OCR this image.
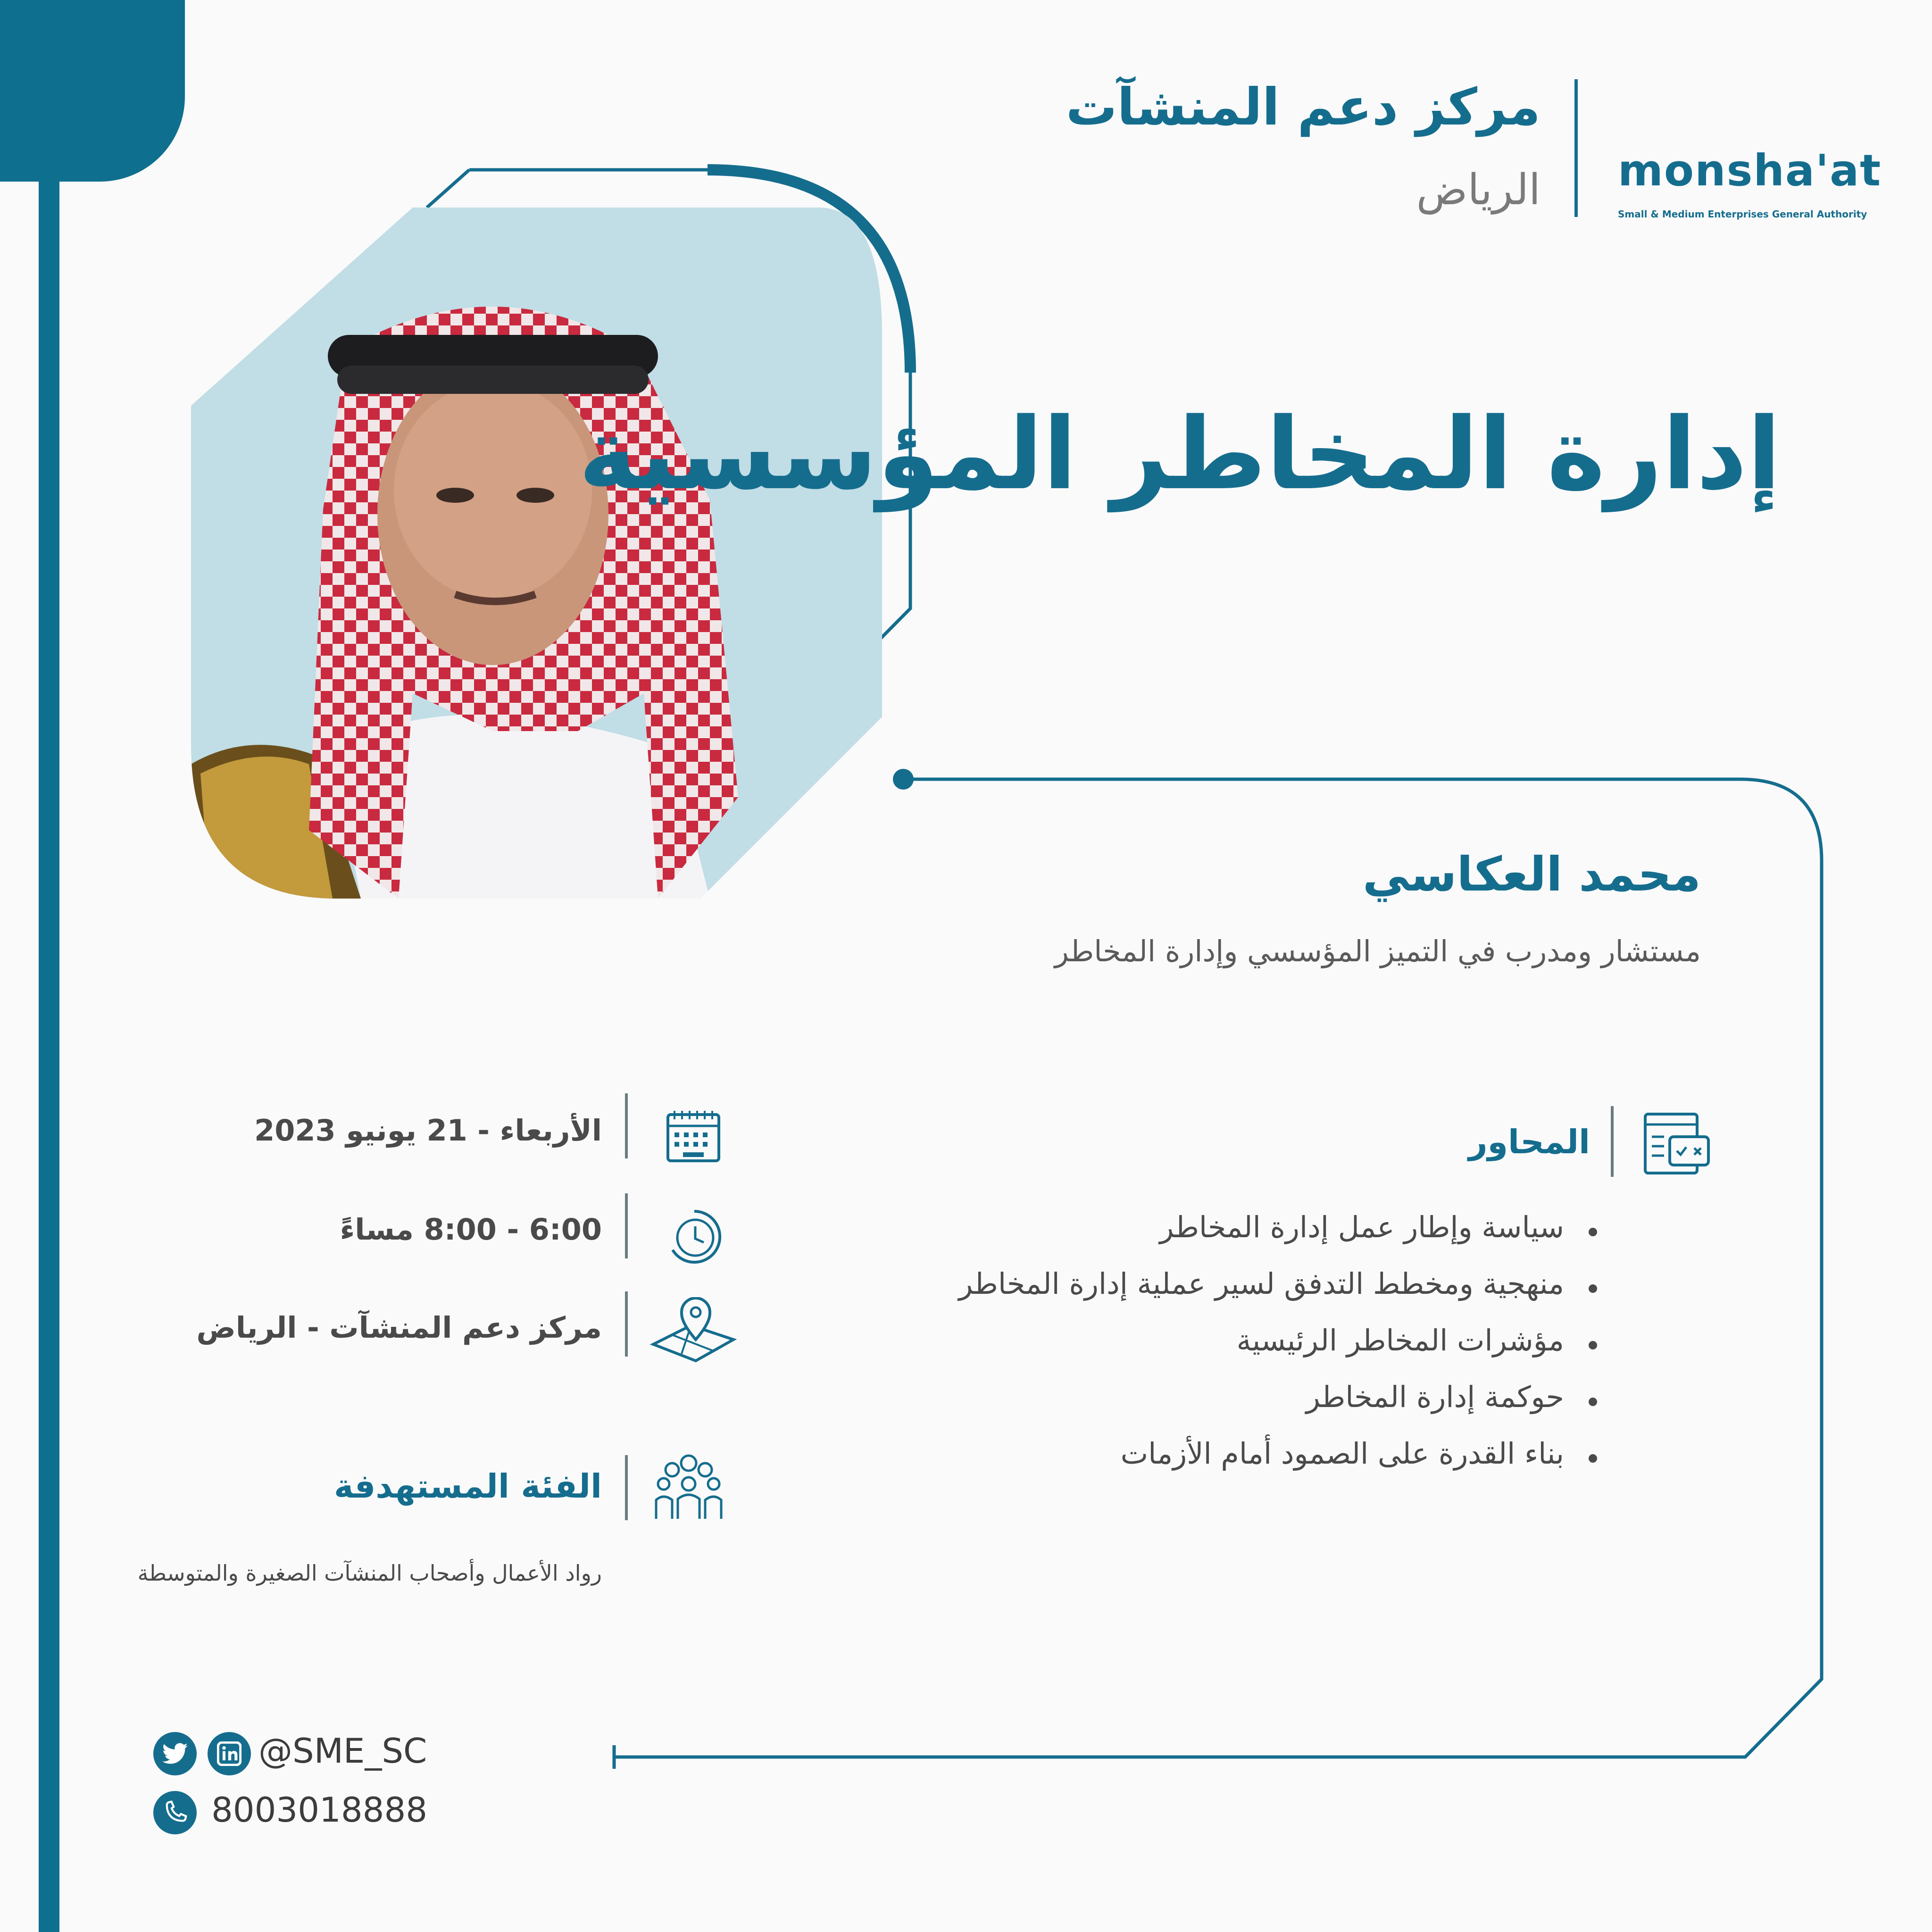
مركز دعم المنشآت
الرياض monsha'at
Small & Medium Enterprises General Authority
إدارة المخاطر المؤسسية
محمد العكاسي
مستشار ومدرب في التميز المؤسسي وإدارة المخاطر
المحاور
سياسة وإطار عمل إدارة المخاطر
منهجية ومخطط التدفق لسير عملية إدارة المخاطر
مؤشرات المخاطر الرئيسية
حوكمة إدارة المخاطر
بناء القدرة على الصمود أمام الأزمات
الأربعاء - 21 يونيو 2023
6:00 - 8:00 مساءً
مركز دعم المنشآت - الرياض
الفئة المستهدفة
رواد الأعمال وأصحاب المنشآت الصغيرة والمتوسطة
@SME_SC
8003018888
